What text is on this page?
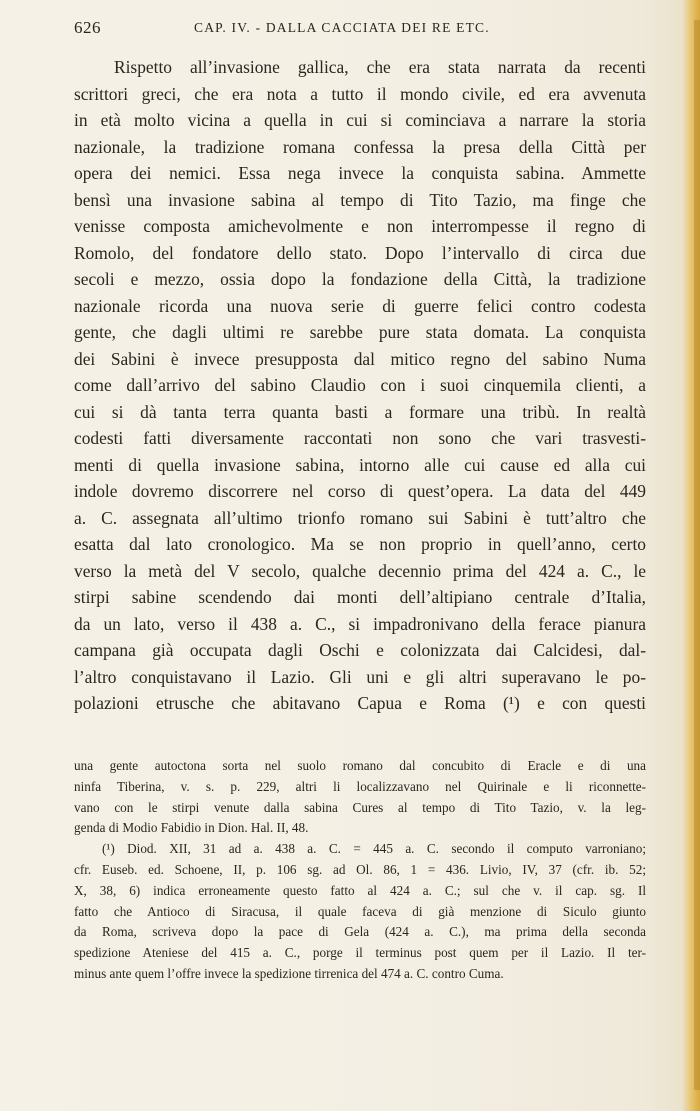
626	CAP. IV. - DALLA CACCIATA DEI RE ETC.
Rispetto all’invasione gallica, che era stata narrata da recenti
scrittori greci, che era nota a tutto il mondo civile, ed era avvenuta
in età molto vicina a quella in cui si cominciava a narrare la storia
nazionale, la tradizione romana confessa la presa della Città per
opera dei nemici. Essa nega invece la conquista sabina. Ammette
bensì una invasione sabina al tempo di Tito Tazio, ma finge che
venisse composta amichevolmente e non interrompesse il regno di
Romolo, del fondatore dello stato. Dopo l’intervallo di circa due
secoli e mezzo, ossia dopo la fondazione della Città, la tradizione
nazionale ricorda una nuova serie di guerre felici contro codesta
gente, che dagli ultimi re sarebbe pure stata domata. La conquista
dei Sabini è invece presupposta dal mitico regno del sabino Numa
come dall’arrivo del sabino Claudio con i suoi cinquemila clienti, a
cui si dà tanta terra quanta basti a formare una tribù. In realtà
codesti fatti diversamente raccontati non sono che vari trasvesti-
menti di quella invasione sabina, intorno alle cui cause ed alla cui
indole dovremo discorrere nel corso di quest’opera. La data del 449
a. C. assegnata all’ultimo trionfo romano sui Sabini è tutt’altro che
esatta dal lato cronologico. Ma se non proprio in quell’anno, certo
verso la metà del V secolo, qualche decennio prima del 424 a. C., le
stirpi sabine scendendo dai monti dell’altipiano centrale d’Italia,
da un lato, verso il 438 a. C., si impadronivano della ferace pianura
campana già occupata dagli Oschi e colonizzata dai Calcidesi, dal-
l’altro conquistavano il Lazio. Gli uni e gli altri superavano le po-
polazioni etrusche che abitavano Capua e Roma (¹) e con questi
una gente autoctona sorta nel suolo romano dal concubito di Eracle e di una
ninfa Tiberina, v. s. p. 229, altri li localizzavano nel Quirinale e li riconnette-
vano con le stirpi venute dalla sabina Cures al tempo di Tito Tazio, v. la leg-
genda di Modio Fabidio in Dion. Hal. II, 48.
(¹) Diod. XII, 31 ad a. 438 a. C. = 445 a. C. secondo il computo varroniano;
cfr. Euseb. ed. Schoene, II, p. 106 sg. ad Ol. 86, 1 = 436. Livio, IV, 37 (cfr. ib. 52;
X, 38, 6) indica erroneamente questo fatto al 424 a. C.; sul che v. il cap. sg. Il
fatto che Antioco di Siracusa, il quale faceva di già menzione di Siculo giunto
da Roma, scriveva dopo la pace di Gela (424 a. C.), ma prima della seconda
spedizione Ateniese del 415 a. C., porge il terminus post quem per il Lazio. Il ter-
minus ante quem l’offre invece la spedizione tirrenica del 474 a. C. contro Cuma.
